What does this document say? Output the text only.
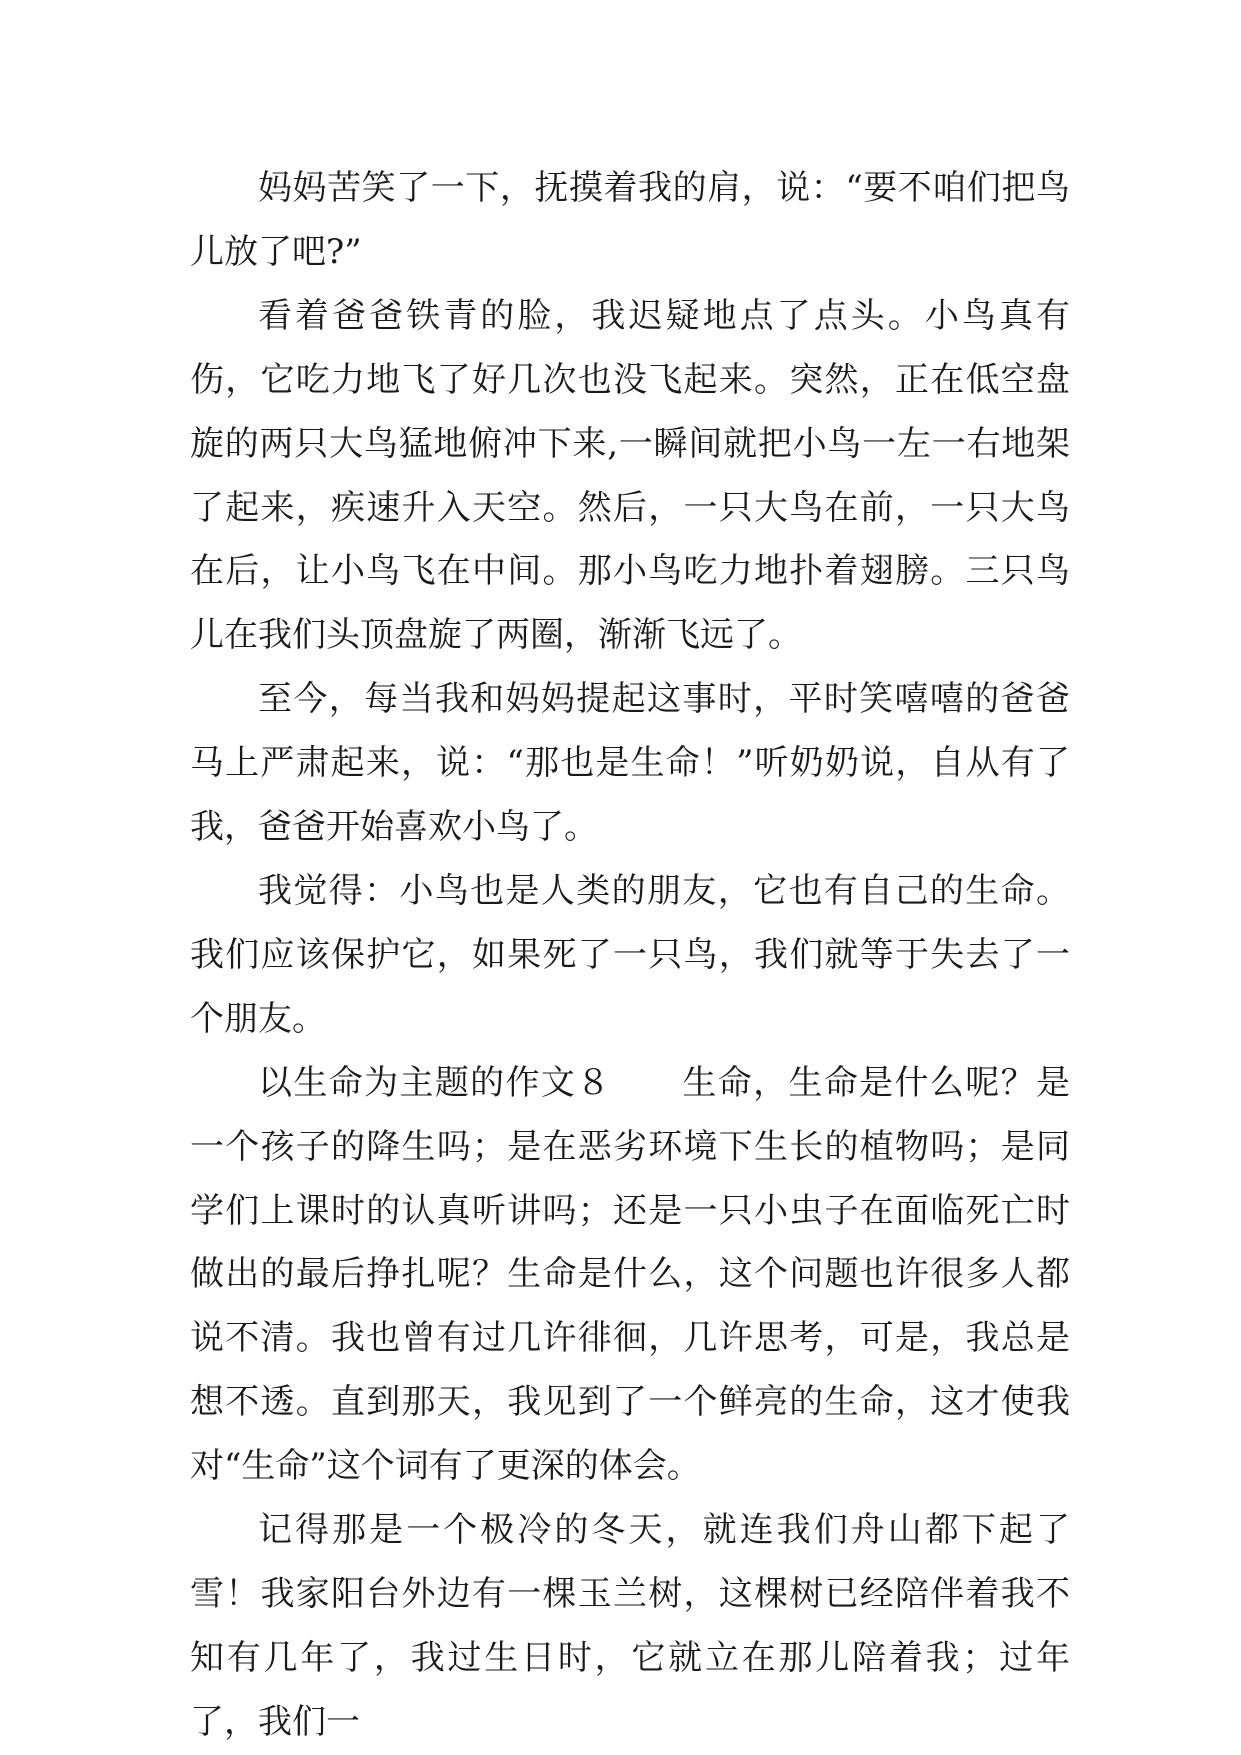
妈妈苦笑了一下，抚摸着我的肩，说：“要不咱们把鸟儿放了吧?”

看着爸爸铁青的脸，我迟疑地点了点头。小鸟真有伤，它吃力地飞了好几次也没飞起来。突然，正在低空盘旋的两只大鸟猛地俯冲下来,一瞬间就把小鸟一左一右地架了起来，疾速升入天空。然后，一只大鸟在前，一只大鸟在后，让小鸟飞在中间。那小鸟吃力地扑着翅膀。三只鸟儿在我们头顶盘旋了两圈，渐渐飞远了。

至今，每当我和妈妈提起这事时，平时笑嘻嘻的爸爸马上严肃起来，说：“那也是生命！”听奶奶说，自从有了我，爸爸开始喜欢小鸟了。

我觉得：小鸟也是人类的朋友，它也有自己的生命。我们应该保护它，如果死了一只鸟，我们就等于失去了一个朋友。

以生命为主题的作文８　　生命，生命是什么呢？是一个孩子的降生吗；是在恶劣环境下生长的植物吗；是同学们上课时的认真听讲吗；还是一只小虫子在面临死亡时做出的最后挣扎呢？生命是什么，这个问题也许很多人都说不清。我也曾有过几许徘徊，几许思考，可是，我总是想不透。直到那天，我见到了一个鲜亮的生命，这才使我对“生命”这个词有了更深的体会。

记得那是一个极冷的冬天，就连我们舟山都下起了雪！我家阳台外边有一棵玉兰树，这棵树已经陪伴着我不知有几年了，我过生日时，它就立在那儿陪着我；过年了，我们一
